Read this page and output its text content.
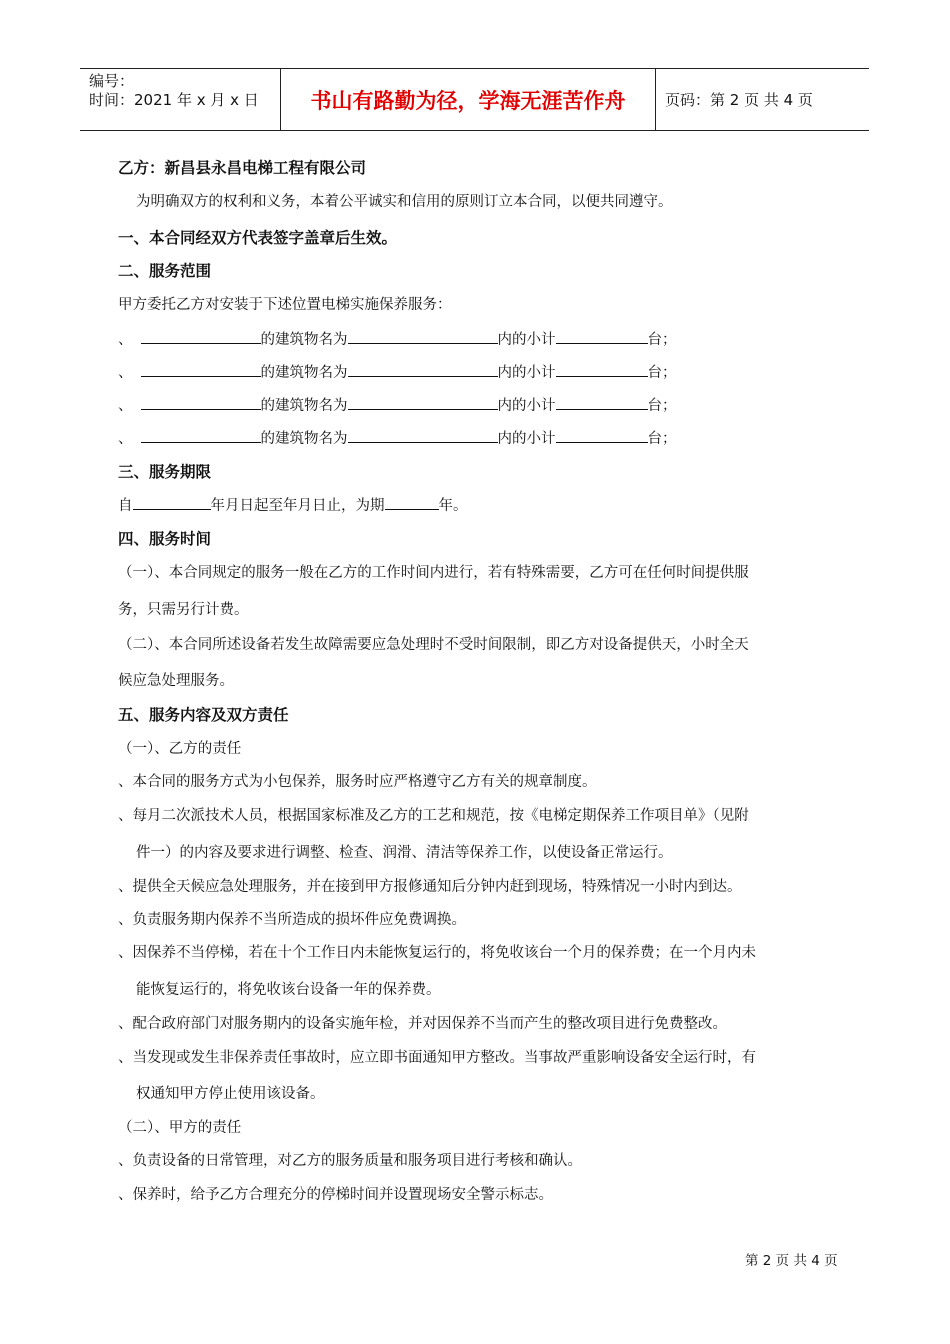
编号：
时间：2021 年 x 月 x 日	书山有路勤为径，学海无涯苦作舟	页码：第 2 页 共 4 页
乙方：新昌县永昌电梯工程有限公司
为明确双方的权利和义务，本着公平诚实和信用的原则订立本合同，以便共同遵守。
一、本合同经双方代表签字盖章后生效。
二、服务范围
甲方委托乙方对安装于下述位置电梯实施保养服务：
、	的建筑物名为	内的小计	台；
、	的建筑物名为	内的小计	台；
、	的建筑物名为	内的小计	台；
、	的建筑物名为	内的小计	台；
三、服务期限
自	年月日起至年月日止，为期	年。
四、服务时间
（一）、本合同规定的服务一般在乙方的工作时间内进行，若有特殊需要，乙方可在任何时间提供服
务，只需另行计费。
（二）、本合同所述设备若发生故障需要应急处理时不受时间限制，即乙方对设备提供天，小时全天
候应急处理服务。
五、服务内容及双方责任
（一）、乙方的责任
、本合同的服务方式为小包保养，服务时应严格遵守乙方有关的规章制度。
、每月二次派技术人员，根据国家标准及乙方的工艺和规范，按《电梯定期保养工作项目单》（见附
件一）的内容及要求进行调整、检查、润滑、清洁等保养工作，以使设备正常运行。
、提供全天候应急处理服务，并在接到甲方报修通知后分钟内赶到现场，特殊情况一小时内到达。
、负责服务期内保养不当所造成的损坏件应免费调换。
、因保养不当停梯，若在十个工作日内未能恢复运行的，将免收该台一个月的保养费；在一个月内未
能恢复运行的，将免收该台设备一年的保养费。
、配合政府部门对服务期内的设备实施年检，并对因保养不当而产生的整改项目进行免费整改。
、当发现或发生非保养责任事故时，应立即书面通知甲方整改。当事故严重影响设备安全运行时，有
权通知甲方停止使用该设备。
（二）、甲方的责任
、负责设备的日常管理，对乙方的服务质量和服务项目进行考核和确认。
、保养时，给予乙方合理充分的停梯时间并设置现场安全警示标志。
第 2 页 共 4 页
